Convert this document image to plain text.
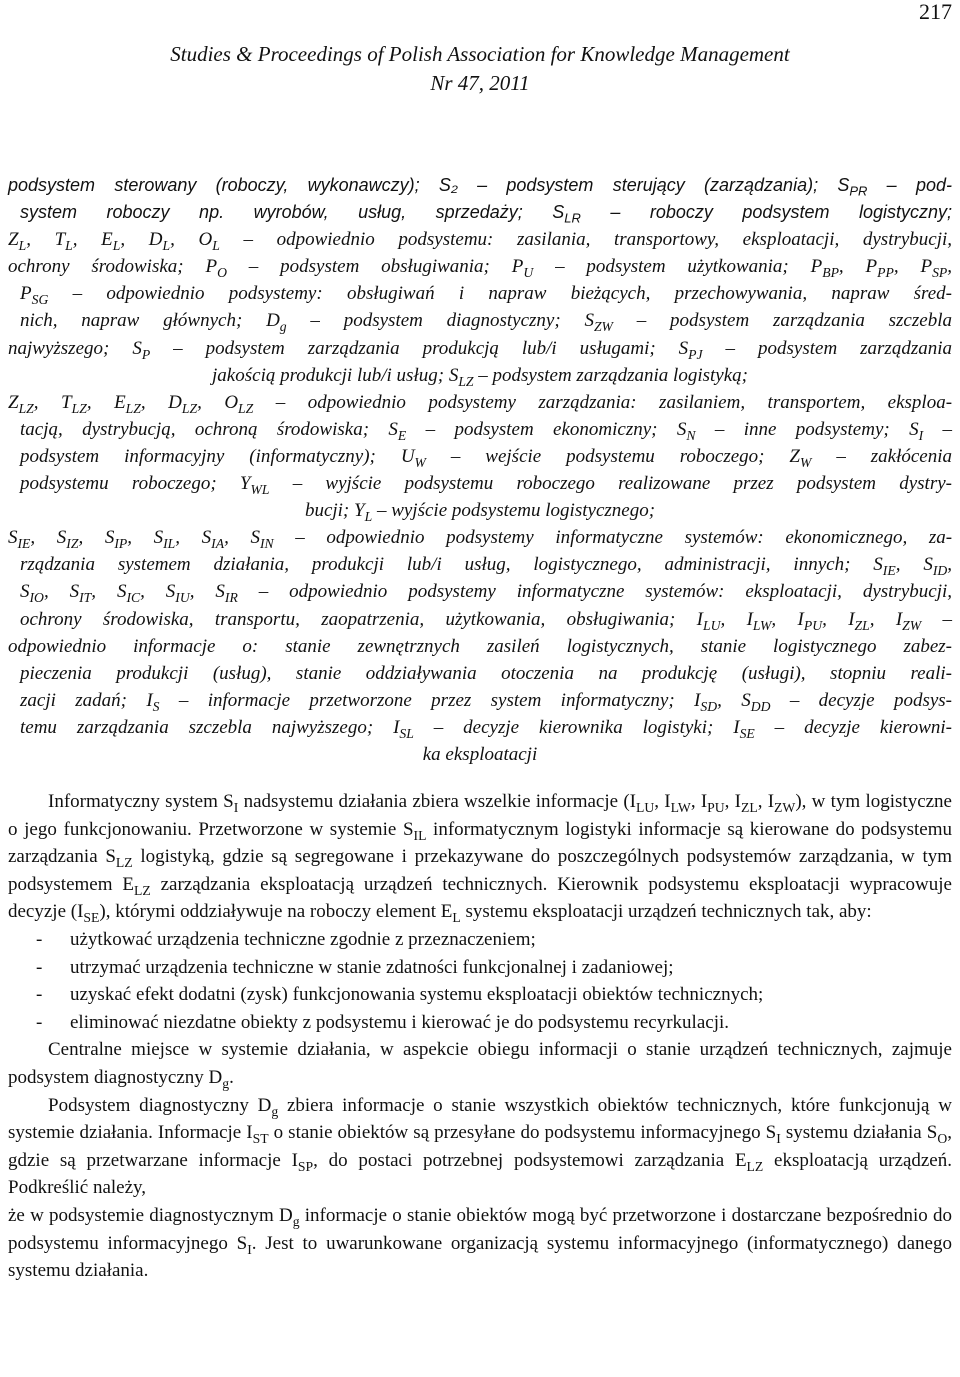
217
Studies & Proceedings of Polish Association for Knowledge Management
Nr 47, 2011

podsystem sterowany (roboczy, wykonawczy); S₂ – podsystem sterujący (zarządzania); $S_{PR} - pod-$

system roboczy np. wyrobów, usług, sprzedaży; $S_{LR}$ – roboczy podsystem logistyczny;

$Z_L$, $T_L$, $E_L$, $D_L$, $O_L$ – odpowiednio podsystemu: zasilania, transportowy, eksploatacji, dystrybucji,

ochrony środowiska; $P_O$ – podsystem obsługiwania; $P_U$ – podsystem użytkowania; $P_{BP}$, $P_{PP}$, $P_{SP}$,

$P_{SG}$ – odpowiednio podsystemy: obsługiwań i napraw bieżących, przechowywania, napraw śred-

nich, napraw głównych; $D_g$ – podsystem diagnostyczny; $S_{ZW}$ – podsystem zarządzania szczebla

najwyższego; $S_P$ – podsystem zarządzania produkcją lub/i usługami; $S_{PJ}$ – podsystem zarządzania

jakością produkcji lub/i usług; $S_{LZ}$ – podsystem zarządzania logistyką;

$Z_{LZ}$, $T_{LZ}$, $E_{LZ}$, $D_{LZ}$, $O_{LZ}$ – odpowiednio podsystemy zarządzania: zasilaniem, transportem, eksploa-

tacją, dystrybucją, ochroną środowiska; $S_E$ – podsystem ekonomiczny; $S_N$ – inne podsystemy; $S_I$ –

podsystem informacyjny (informatyczny); $U_W$ – wejście podsystemu roboczego; $Z_W$ – zakłócenia

podsystemu roboczego; $Y_{WL}$ – wyjście podsystemu roboczego realizowane przez podsystem dystry-

bucji; $Y_L$ – wyjście podsystemu logistycznego;

$S_{IE}$, $S_{IZ}$, $S_{IP}$, $S_{IL}$, $S_{IA}$, $S_{IN}$ – odpowiednio podsystemy informatyczne systemów: ekonomicznego, za-

rządzania systemem działania, produkcji lub/i usług, logistycznego, administracji, innych; $S_{IE}$, $S_{ID}$,

$S_{IO}$, $S_{IT}$, $S_{IC}$, $S_{IU}$, $S_{IR}$ – odpowiednio podsystemy informatyczne systemów: eksploatacji, dystrybucji,

ochrony środowiska, transportu, zaopatrzenia, użytkowania, obsługiwania; $I_{LU}$, $I_{LW}$, $I_{PU}$, $I_{ZL}$, $I_{ZW}$ –

odpowiednio informacje o: stanie zewnętrznych zasileń logistycznych, stanie logistycznego zabez-

pieczenia produkcji (usług), stanie oddziaływania otoczenia na produkcję (usługi), stopniu reali-

zacji zadań; $I_S$ – informacje przetworzone przez system informatyczny; $I_{SD}$, $S_{DD}$ – decyzje podsys-

temu zarządzania szczebla najwyższego; $I_{SL}$ – decyzje kierownika logistyki; $I_{SE}$ – decyzje kierowni-

ka eksploatacji

Informatyczny system $S_I$ nadsystemu działania zbiera wszelkie informacje ($I_{LU}$, $I_{LW}$, $I_{PU}$, $I_{ZL}$, $I_{ZW}$), w tym logistyczne o jego funkcjonowaniu. Przetworzone w systemie $S_{IL}$ informatycznym logistyki informacje są kierowane do podsystemu zarządzania $S_{LZ}$ logistyką, gdzie są segregowane i przekazywane do poszczególnych podsystemów zarządzania, w tym podsystemem $E_{LZ}$ zarządzania eksploatacją urządzeń technicznych. Kierownik podsystemu eksploatacji wypracowuje decyzje $(I_{SE})$, którymi oddziaływuje na roboczy element $E_L$ systemu eksploatacji urządzeń technicznych tak, aby:

-	użytkować urządzenia techniczne zgodnie z przeznaczeniem;
-	utrzymać urządzenia techniczne w stanie zdatności funkcjonalnej i zadaniowej;
-	uzyskać efekt dodatni (zysk) funkcjonowania systemu eksploatacji obiektów technicznych;
-	eliminować niezdatne obiekty z podsystemu i kierować je do podsystemu recyrkulacji.

Centralne miejsce w systemie działania, w aspekcie obiegu informacji o stanie urządzeń technicznych, zajmuje podsystem diagnostyczny $D_g$.

Podsystem diagnostyczny $D_g$ zbiera informacje o stanie wszystkich obiektów technicznych, które funkcjonują w systemie działania. Informacje $I_{ST}$ o stanie obiektów są przesyłane do podsystemu informacyjnego $S_I$ systemu działania $S_O$, gdzie są przetwarzane informacje $I_{SP}$, do postaci potrzebnej podsystemowi zarządzania $E_{LZ}$ eksploatacją urządzeń. Podkreślić należy,

że w podsystemie diagnostycznym $D_g$ informacje o stanie obiektów mogą być przetworzone i dostarczane bezpośrednio do podsystemu informacyjnego $S_I$. Jest to uwarunkowane organizacją systemu informacyjnego (informatycznego) danego systemu działania.
